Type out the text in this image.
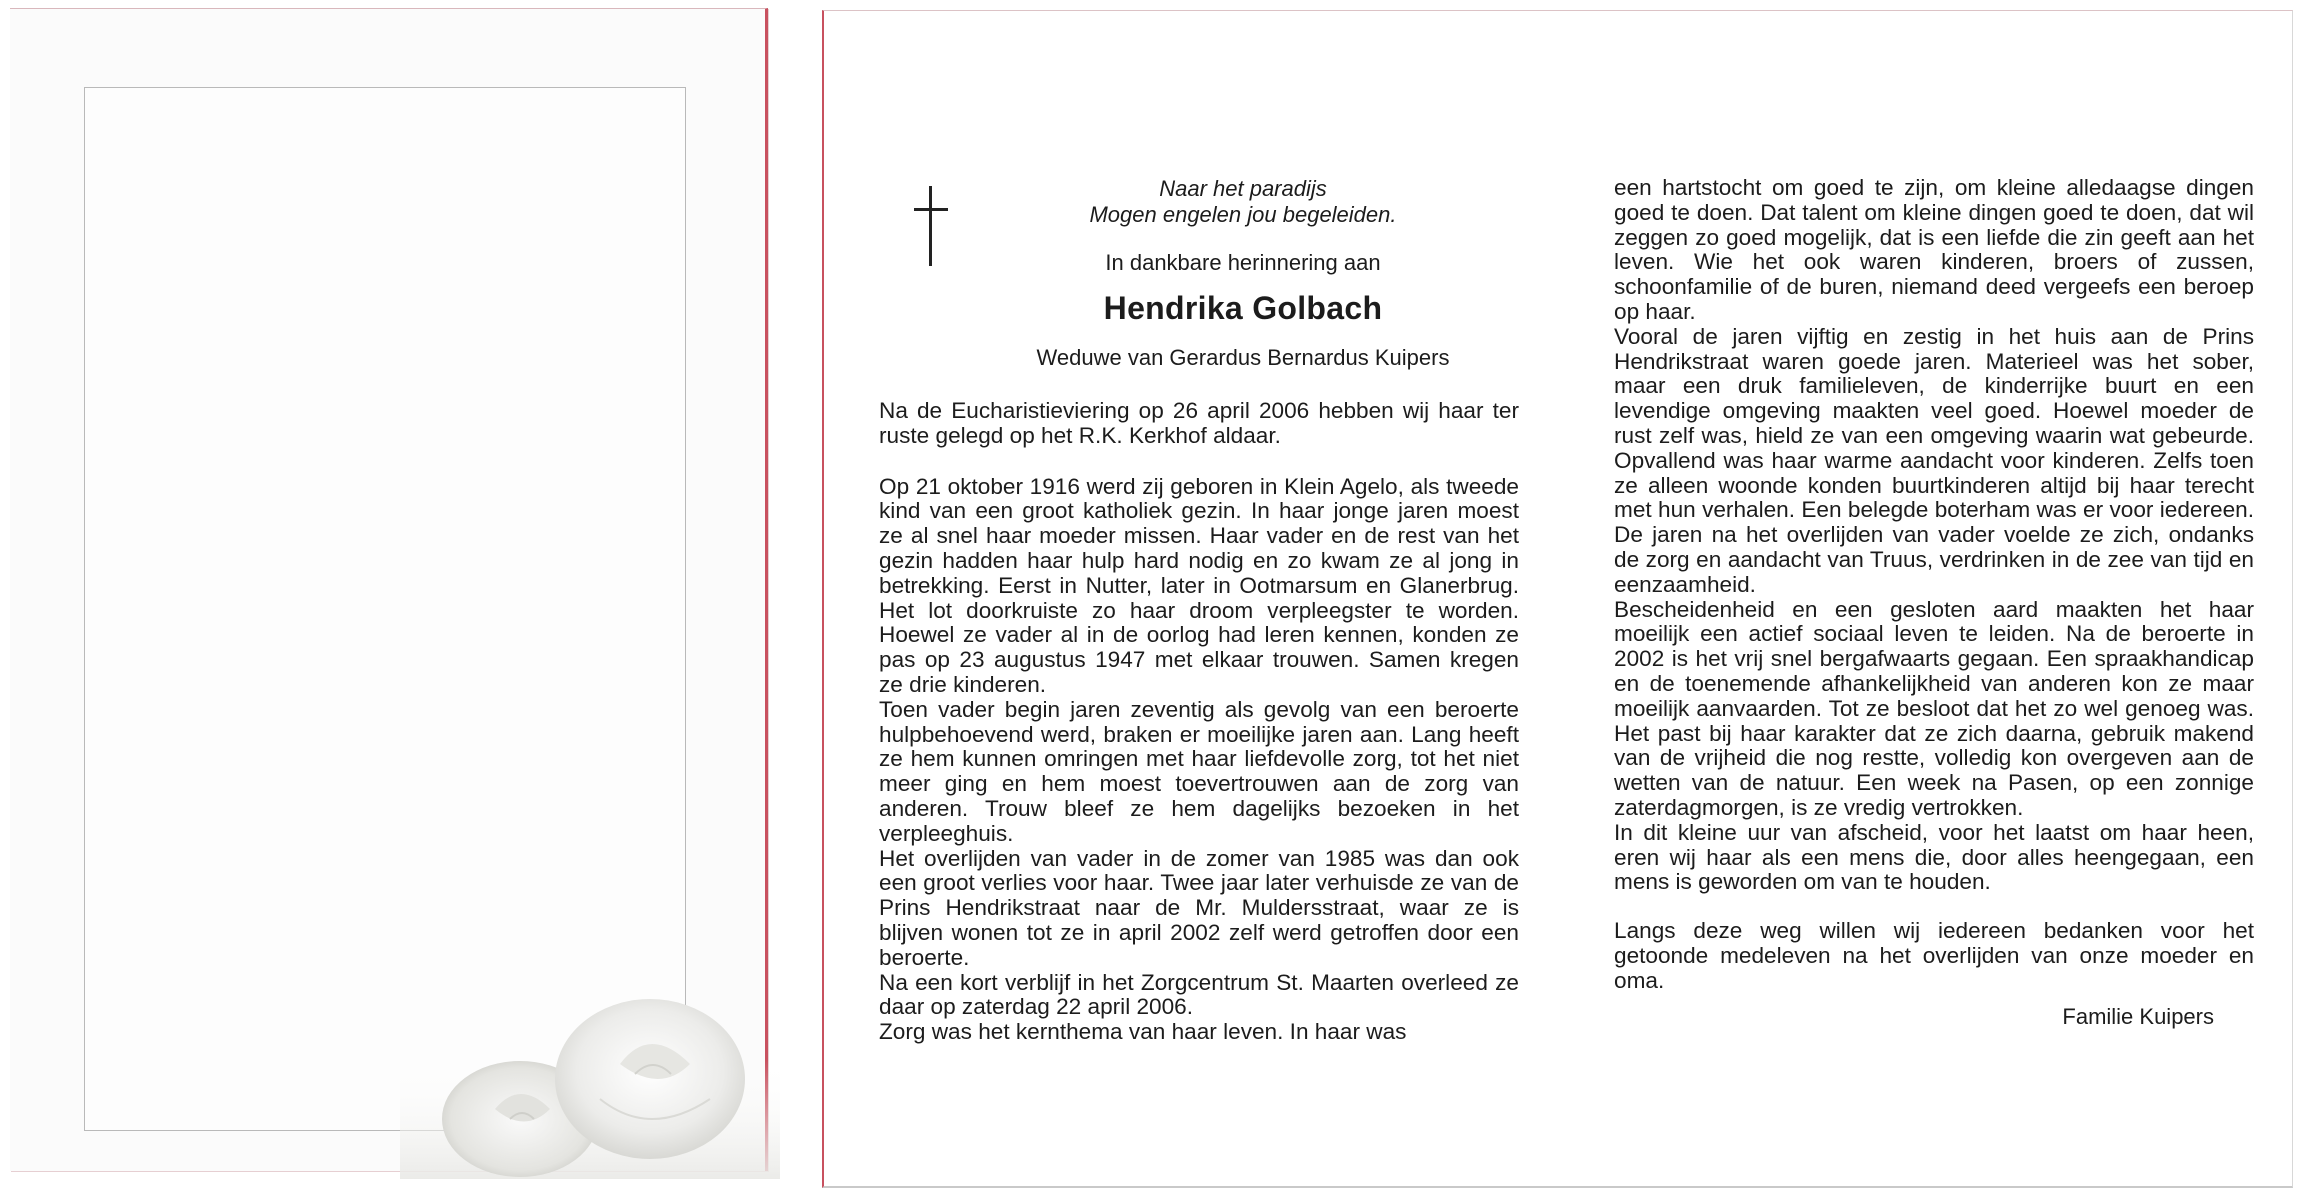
Naar het paradijs

Mogen engelen jou begeleiden.

In dankbare herinnering aan

Hendrika Golbach

Weduwe van Gerardus Bernardus Kuipers

Na de Eucharistieviering op 26 april 2006 hebben wij haar ter ruste gelegd op het R.K. Kerkhof aldaar.

Op 21 oktober 1916 werd zij geboren in Klein Agelo, als tweede kind van een groot katholiek gezin. In haar jonge jaren moest ze al snel haar moeder missen. Haar vader en de rest van het gezin hadden haar hulp hard nodig en zo kwam ze al jong in betrekking. Eerst in Nutter, later in Ootmarsum en Glanerbrug. Het lot doorkruiste zo haar droom verpleegster te worden. Hoewel ze vader al in de oorlog had leren kennen, konden ze pas op 23 augustus 1947 met elkaar trouwen. Samen kregen ze drie kinderen.

Toen vader begin jaren zeventig als gevolg van een beroerte hulpbehoevend werd, braken er moeilijke jaren aan. Lang heeft ze hem kunnen omringen met haar liefdevolle zorg, tot het niet meer ging en hem moest toevertrouwen aan de zorg van anderen. Trouw bleef ze hem dagelijks bezoeken in het verpleeghuis.

Het overlijden van vader in de zomer van 1985 was dan ook een groot verlies voor haar. Twee jaar later verhuisde ze van de Prins Hendrikstraat naar de Mr. Muldersstraat, waar ze is blijven wonen tot ze in april 2002 zelf werd getroffen door een beroerte.

Na een kort verblijf in het Zorgcentrum St. Maarten overleed ze daar op zaterdag 22 april 2006.

Zorg was het kernthema van haar leven. In haar was

een hartstocht om goed te zijn, om kleine alledaagse dingen goed te doen. Dat talent om kleine dingen goed te doen, dat wil zeggen zo goed mogelijk, dat is een liefde die zin geeft aan het leven. Wie het ook waren kinderen, broers of zussen, schoonfamilie of de buren, niemand deed vergeefs een beroep op haar.

Vooral de jaren vijftig en zestig in het huis aan de Prins Hendrikstraat waren goede jaren. Materieel was het sober, maar een druk familieleven, de kinderrijke buurt en een levendige omgeving maakten veel goed. Hoewel moeder de rust zelf was, hield ze van een omgeving waarin wat gebeurde. Opvallend was haar warme aandacht voor kinderen. Zelfs toen ze alleen woonde konden buurtkinderen altijd bij haar terecht met hun verhalen. Een belegde boterham was er voor iedereen. De jaren na het overlijden van vader voelde ze zich, ondanks de zorg en aandacht van Truus, verdrinken in de zee van tijd en eenzaamheid.

Bescheidenheid en een gesloten aard maakten het haar moeilijk een actief sociaal leven te leiden. Na de beroerte in 2002 is het vrij snel bergafwaarts gegaan. Een spraakhandicap en de toenemende afhankelijkheid van anderen kon ze maar moeilijk aanvaarden. Tot ze besloot dat het zo wel genoeg was. Het past bij haar karakter dat ze zich daarna, gebruik makend van de vrijheid die nog restte, volledig kon overgeven aan de wetten van de natuur. Een week na Pasen, op een zonnige zaterdagmorgen, is ze vredig vertrokken.

In dit kleine uur van afscheid, voor het laatst om haar heen, eren wij haar als een mens die, door alles heengegaan, een mens is geworden om van te houden.

Langs deze weg willen wij iedereen bedanken voor het getoonde medeleven na het overlijden van onze moeder en oma.

Familie Kuipers
